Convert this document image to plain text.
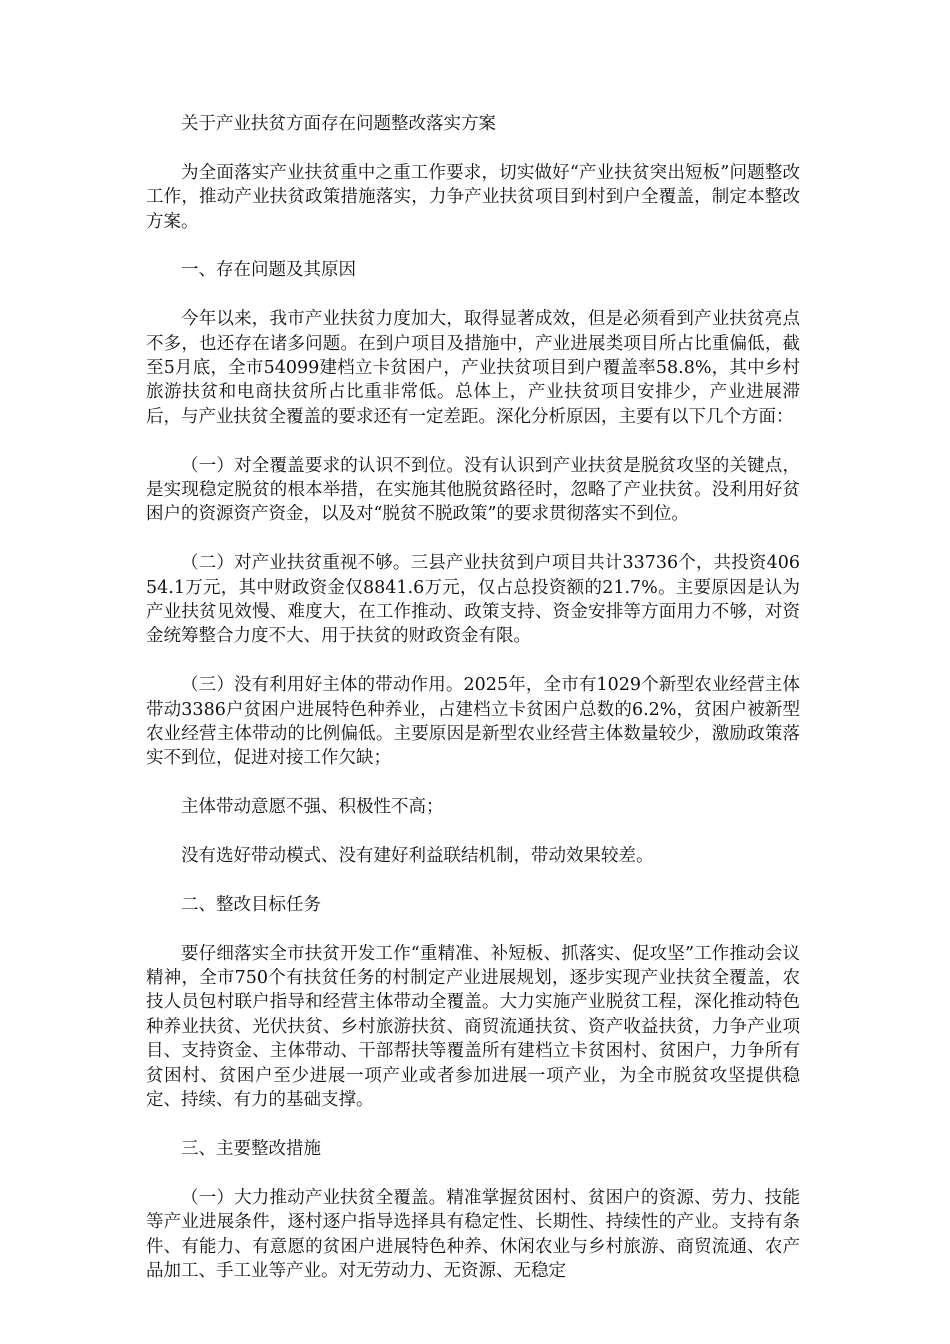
关于产业扶贫方面存在问题整改落实方案

为全面落实产业扶贫重中之重工作要求，切实做好“产业扶贫突出短板”问题整改工作，推动产业扶贫政策措施落实，力争产业扶贫项目到村到户全覆盖，制定本整改方案。

一、存在问题及其原因

今年以来，我市产业扶贫力度加大，取得显著成效，但是必须看到产业扶贫亮点不多，也还存在诸多问题。在到户项目及措施中，产业进展类项目所占比重偏低，截至5月底，全市54099建档立卡贫困户，产业扶贫项目到户覆盖率58.8%，其中乡村旅游扶贫和电商扶贫所占比重非常低。总体上，产业扶贫项目安排少，产业进展滞后，与产业扶贫全覆盖的要求还有一定差距。深化分析原因，主要有以下几个方面：

（一）对全覆盖要求的认识不到位。没有认识到产业扶贫是脱贫攻坚的关键点，是实现稳定脱贫的根本举措，在实施其他脱贫路径时，忽略了产业扶贫。没利用好贫困户的资源资产资金，以及对“脱贫不脱政策”的要求贯彻落实不到位。

（二）对产业扶贫重视不够。三县产业扶贫到户项目共计33736个，共投资40654.1万元，其中财政资金仅8841.6万元，仅占总投资额的21.7%。主要原因是认为产业扶贫见效慢、难度大，在工作推动、政策支持、资金安排等方面用力不够，对资金统筹整合力度不大、用于扶贫的财政资金有限。

（三）没有利用好主体的带动作用。2025年，全市有1029个新型农业经营主体带动3386户贫困户进展特色种养业，占建档立卡贫困户总数的6.2%，贫困户被新型农业经营主体带动的比例偏低。主要原因是新型农业经营主体数量较少，激励政策落实不到位，促进对接工作欠缺；

主体带动意愿不强、积极性不高；

没有选好带动模式、没有建好利益联结机制，带动效果较差。

二、整改目标任务

要仔细落实全市扶贫开发工作“重精准、补短板、抓落实、促攻坚”工作推动会议精神，全市750个有扶贫任务的村制定产业进展规划，逐步实现产业扶贫全覆盖，农技人员包村联户指导和经营主体带动全覆盖。大力实施产业脱贫工程，深化推动特色种养业扶贫、光伏扶贫、乡村旅游扶贫、商贸流通扶贫、资产收益扶贫，力争产业项目、支持资金、主体带动、干部帮扶等覆盖所有建档立卡贫困村、贫困户，力争所有贫困村、贫困户至少进展一项产业或者参加进展一项产业，为全市脱贫攻坚提供稳定、持续、有力的基础支撑。

三、主要整改措施

（一）大力推动产业扶贫全覆盖。精准掌握贫困村、贫困户的资源、劳力、技能等产业进展条件，逐村逐户指导选择具有稳定性、长期性、持续性的产业。支持有条件、有能力、有意愿的贫困户进展特色种养、休闲农业与乡村旅游、商贸流通、农产品加工、手工业等产业。对无劳动力、无资源、无稳定
